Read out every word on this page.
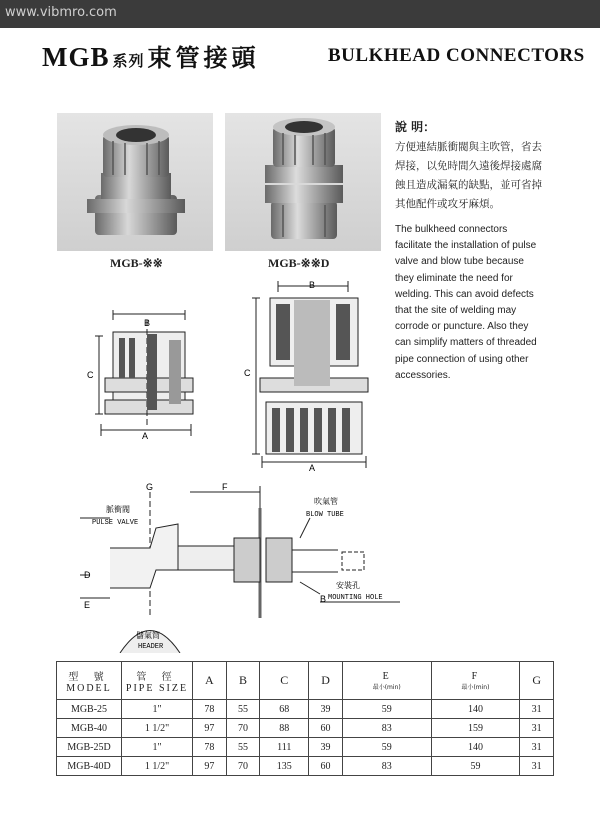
www.vibmro.com
MGB 系列 束管接頭	BULKHEAD CONNECTORS
MGB-※※	MGB-※※D
說 明：
方便連結脈衝閥與主吹管，省去
焊接，以免時間久遠後焊接處腐
蝕且造成漏氣的缺點，並可省掉
其他配件或攻牙麻煩。
The bulkheed connectors
facilitate the installation of pulse
valve and blow tube because
they eliminate the need for
welding. This can avoid defects
that the site of welding may
corrode or puncture. Also they
can simplify matters of threaded
pipe connection of using other
accessories.
B
C
A
B
C
A
G	F
D
E
B
脈衝閥
PULSE VALVE
吹氣管
BLOW TUBE
安裝孔
MOUNTING HOLE
儲氣筒
HEADER
型 號
MODEL	管 徑
PIPE SIZE	A	B	C	D	E
最小(min)	F
最小(min)	G
MGB-25	1"	78	55	68	39	59	140	31
MGB-40	1 1/2"	97	70	88	60	83	159	31
MGB-25D	1"	78	55	111	39	59	140	31
MGB-40D	1 1/2"	97	70	135	60	83	59	31
